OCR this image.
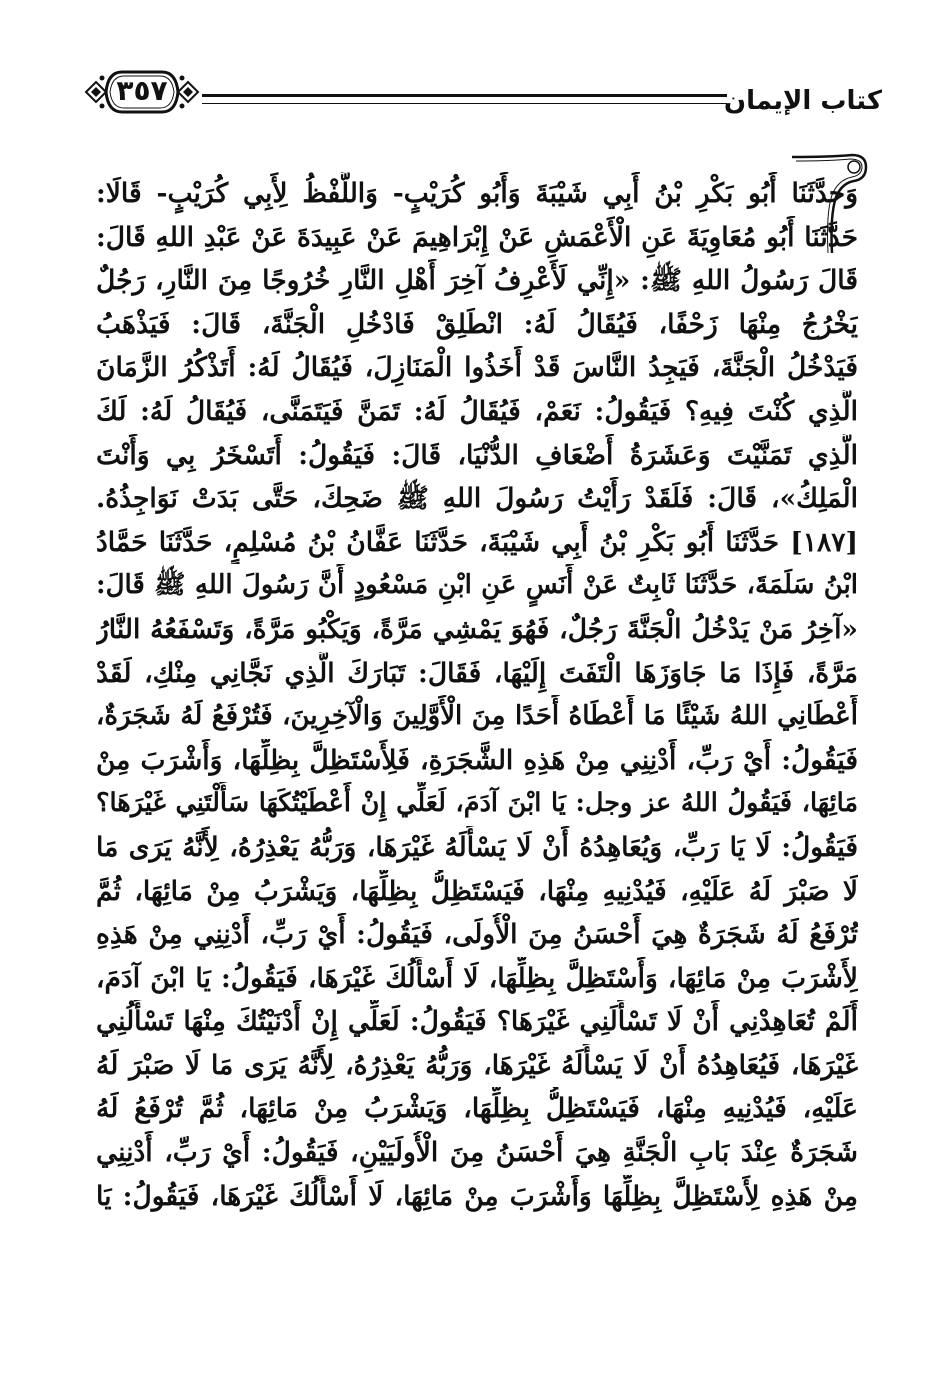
كتاب الإيمان
٣٥٧
وَحدَّثَنَا أَبُو بَكْرِ بْنُ أَبِي شَيْبَةَ وَأَبُو كُرَيْبٍ- وَاللَّفْظُ لِأَبِي كُرَيْبٍ- قَالَا:
حَدَّثَنَا أَبُو مُعَاوِيَةَ عَنِ الْأَعْمَشِ عَنْ إِبْرَاهِيمَ عَنْ عَبِيدَةَ عَنْ عَبْدِ اللهِ قَالَ:
قَالَ رَسُولُ اللهِ ﷺ: «إِنِّي لَأَعْرِفُ آخِرَ أَهْلِ النَّارِ خُرُوجًا مِنَ النَّارِ، رَجُلٌ
يَخْرُجُ مِنْهَا زَحْفًا، فَيُقَالُ لَهُ: انْطَلِقْ فَادْخُلِ الْجَنَّةَ، قَالَ: فَيَذْهَبُ
فَيَدْخُلُ الْجَنَّةَ، فَيَجِدُ النَّاسَ قَدْ أَخَذُوا الْمَنَازِلَ، فَيُقَالُ لَهُ: أَتَذْكُرُ الزَّمَانَ
الَّذِي كُنْتَ فِيهِ؟ فَيَقُولُ: نَعَمْ، فَيُقَالُ لَهُ: تَمَنَّ فَيَتَمَنَّى، فَيُقَالُ لَهُ: لَكَ
الَّذِي تَمَنَّيْتَ وَعَشَرَةُ أَضْعَافِ الدُّنْيَا، قَالَ: فَيَقُولُ: أَتَسْخَرُ بِي وَأَنْتَ
الْمَلِكُ»، قَالَ: فَلَقَدْ رَأَيْتُ رَسُولَ اللهِ ﷺ ضَحِكَ، حَتَّى بَدَتْ نَوَاجِذُهُ.
[١٨٧] حَدَّثَنَا أَبُو بَكْرِ بْنُ أَبِي شَيْبَةَ، حَدَّثَنَا عَفَّانُ بْنُ مُسْلِمٍ، حَدَّثَنَا حَمَّادُ
ابْنُ سَلَمَةَ، حَدَّثَنَا ثَابِتٌ عَنْ أَنَسٍ عَنِ ابْنِ مَسْعُودٍ أَنَّ رَسُولَ اللهِ ﷺ قَالَ:
«آخِرُ مَنْ يَدْخُلُ الْجَنَّةَ رَجُلٌ، فَهُوَ يَمْشِي مَرَّةً، وَيَكْبُو مَرَّةً، وَتَسْفَعُهُ النَّارُ
مَرَّةً، فَإِذَا مَا جَاوَزَهَا الْتَفَتَ إِلَيْهَا، فَقَالَ: تَبَارَكَ الَّذِي نَجَّانِي مِنْكِ، لَقَدْ
أَعْطَانِي اللهُ شَيْئًا مَا أَعْطَاهُ أَحَدًا مِنَ الْأَوَّلِينَ وَالْآخِرِينَ، فَتُرْفَعُ لَهُ شَجَرَةٌ،
فَيَقُولُ: أَيْ رَبِّ، أَدْنِنِي مِنْ هَذِهِ الشَّجَرَةِ، فَلِأَسْتَظِلَّ بِظِلِّهَا، وَأَشْرَبَ مِنْ
مَائِهَا، فَيَقُولُ اللهُ عز وجل: يَا ابْنَ آدَمَ، لَعَلِّي إِنْ أَعْطَيْتُكَهَا سَأَلْتَنِي غَيْرَهَا؟
فَيَقُولُ: لَا يَا رَبِّ، وَيُعَاهِدُهُ أَنْ لَا يَسْأَلَهُ غَيْرَهَا، وَرَبُّهُ يَعْذِرُهُ، لِأَنَّهُ يَرَى مَا
لَا صَبْرَ لَهُ عَلَيْهِ، فَيُدْنِيهِ مِنْهَا، فَيَسْتَظِلُّ بِظِلِّهَا، وَيَشْرَبُ مِنْ مَائِهَا، ثُمَّ
تُرْفَعُ لَهُ شَجَرَةٌ هِيَ أَحْسَنُ مِنَ الْأُولَى، فَيَقُولُ: أَيْ رَبِّ، أَدْنِنِي مِنْ هَذِهِ
لِأَشْرَبَ مِنْ مَائِهَا، وَأَسْتَظِلَّ بِظِلِّهَا، لَا أَسْأَلُكَ غَيْرَهَا، فَيَقُولُ: يَا ابْنَ آدَمَ،
أَلَمْ تُعَاهِدْنِي أَنْ لَا تَسْأَلَنِي غَيْرَهَا؟ فَيَقُولُ: لَعَلِّي إِنْ أَدْنَيْتُكَ مِنْهَا تَسْأَلُنِي
غَيْرَهَا، فَيُعَاهِدُهُ أَنْ لَا يَسْأَلَهُ غَيْرَهَا، وَرَبُّهُ يَعْذِرُهُ، لِأَنَّهُ يَرَى مَا لَا صَبْرَ لَهُ
عَلَيْهِ، فَيُدْنِيهِ مِنْهَا، فَيَسْتَظِلُّ بِظِلِّهَا، وَيَشْرَبُ مِنْ مَائِهَا، ثُمَّ تُرْفَعُ لَهُ
شَجَرَةٌ عِنْدَ بَابِ الْجَنَّةِ هِيَ أَحْسَنُ مِنَ الْأُولَيَيْنِ، فَيَقُولُ: أَيْ رَبِّ، أَدْنِنِي
مِنْ هَذِهِ لِأَسْتَظِلَّ بِظِلِّهَا وَأَشْرَبَ مِنْ مَائِهَا، لَا أَسْأَلُكَ غَيْرَهَا، فَيَقُولُ: يَا
